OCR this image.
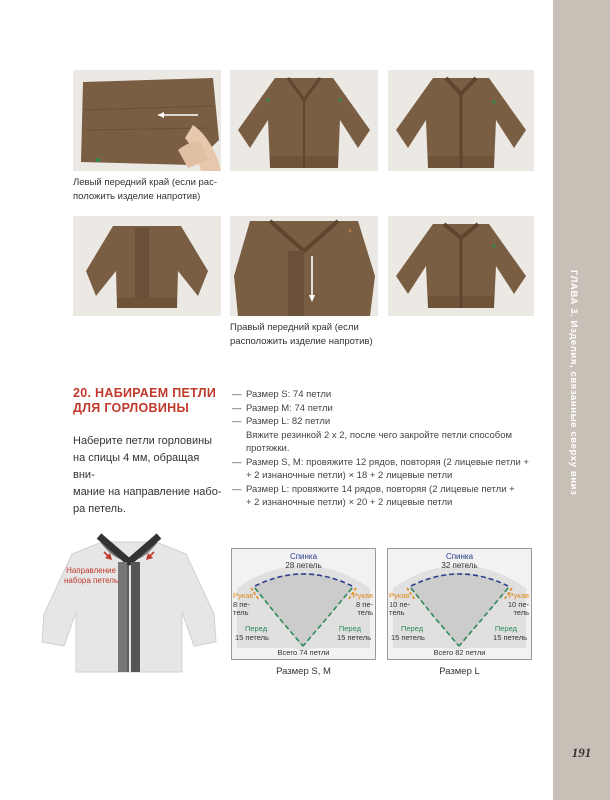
ГЛАВА 3. Изделия, связанные сверху вниз
191
Левый передний край (если рас-
положить изделие напротив)
Правый передний край (если
расположить изделие напротив)
20. НАБИРАЕМ ПЕТЛИ
ДЛЯ ГОРЛОВИНЫ
Наберите петли горловины
на спицы 4 мм, обращая вни-
мание на направление набо-
ра петель.
— Размер S: 74 петли
— Размер M: 74 петли
— Размер L: 82 петли
Вяжите резинкой 2 х 2, после чего закройте петли способом
протяжки.
— Размер S, M: провяжите 12 рядов, повторяя (2 лицевые петли +
+ 2 изнаночные петли) × 18 + 2 лицевые петли
— Размер L: провяжите 14 рядов, повторяя (2 лицевые петли +
+ 2 изнаночные петли) × 20 + 2 лицевые петли
Направление
набора петель
Спинка
28 петель
Рукав
8 пе-
тель
Рукав
8 пе-
тель
Перед
15 петель
Перед
15 петель
Всего 74 петли
Размер S, M
Спинка
32 петель
Рукав
10 пе-
тель
Рукав
10 пе-
тель
Перед
15 петель
Перед
15 петель
Всего 82 петли
Размер L
